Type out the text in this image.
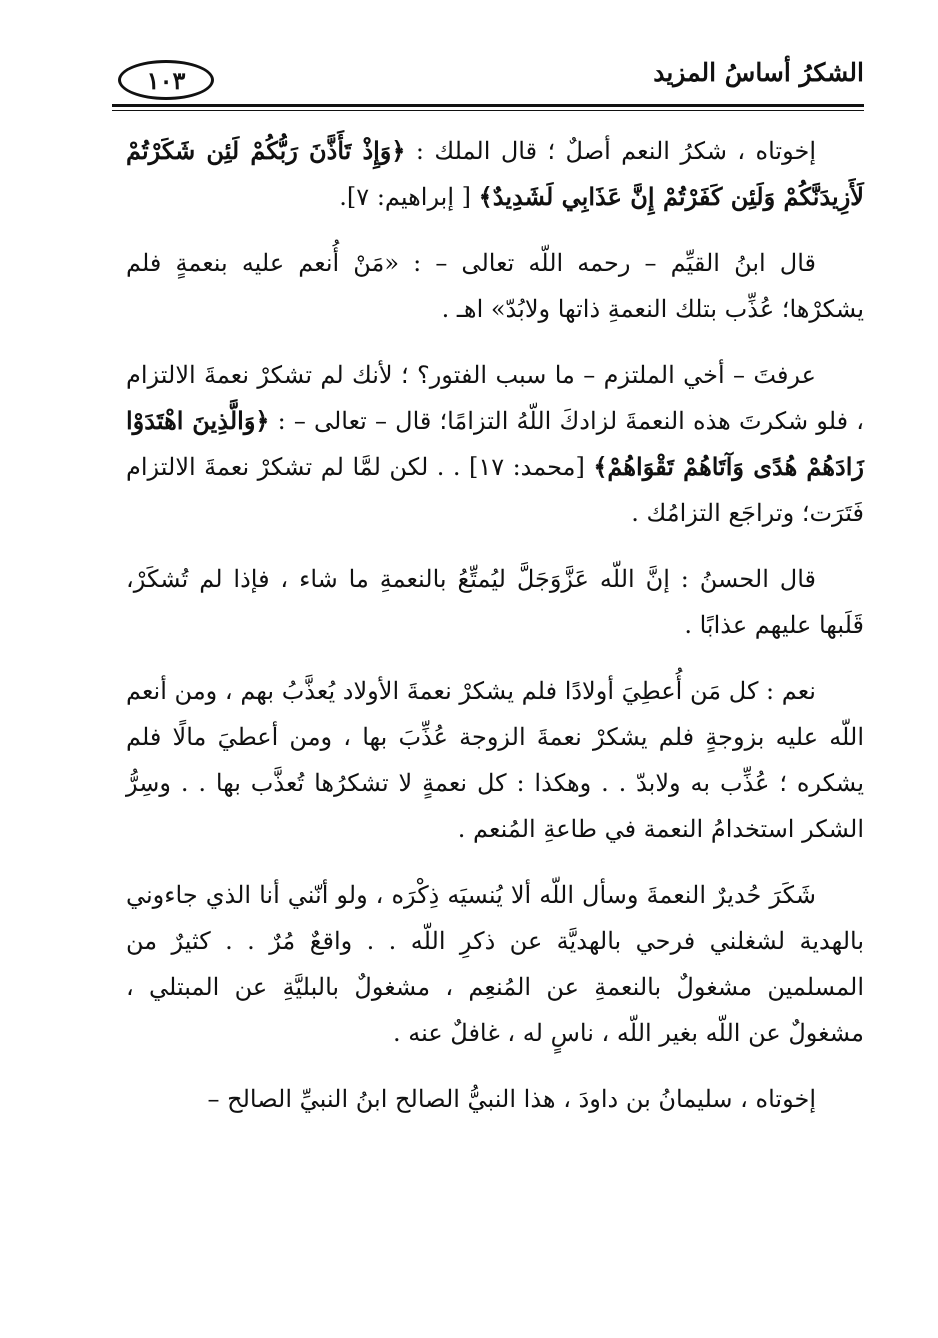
١٠٣	الشكرُ أساسُ المزيد

إخوتاه ، شكرُ النعم أصلٌ ؛ قال الملك : ﴿وَإِذْ تَأَذَّنَ رَبُّكُمْ لَئِن شَكَرْتُمْ لَأَزِيدَنَّكُمْ وَلَئِن كَفَرْتُمْ إِنَّ عَذَابِي لَشَدِيدٌ﴾ [ إبراهيم: ٧].

قال ابنُ القيِّم – رحمه اللّه تعالى – : «مَنْ أُنعم عليه بنعمةٍ فلم يشكرْها؛ عُذِّب بتلك النعمةِ ذاتها ولابُدّ» اهـ .

عرفتَ – أخي الملتزم – ما سبب الفتور؟ ؛ لأنك لم تشكرْ نعمةَ الالتزام ، فلو شكرتَ هذه النعمةَ لزادكَ اللّهُ التزامًا؛ قال – تعالى – : ﴿وَالَّذِينَ اهْتَدَوْا زَادَهُمْ هُدًى وَآتَاهُمْ تَقْوَاهُمْ﴾ [محمد: ١٧] . . لكن لمَّا لم تشكرْ نعمةَ الالتزام فَتَرَت؛ وتراجَع التزامُك .

قال الحسنُ : إنَّ اللّه عَزَّوَجَلَّ ليُمتِّعُ بالنعمةِ ما شاء ، فإذا لم تُشكَرْ، قَلَبها عليهم عذابًا .

نعم : كل مَن أُعطِيَ أولادًا فلم يشكرْ نعمةَ الأولاد يُعذَّبُ بهم ، ومن أنعم اللّه عليه بزوجةٍ فلم يشكرْ نعمةَ الزوجة عُذِّبَ بها ، ومن أعطيَ مالًا فلم يشكره ؛ عُذِّب به ولابدّ . . وهكذا : كل نعمةٍ لا تشكرُها تُعذَّب بها . . وسِرُّ الشكر استخدامُ النعمة في طاعةِ المُنعم .

شَكَرَ حُديرٌ النعمةَ وسأل اللّه ألا يُنسيَه ذِكْرَه ، ولو أنّني أنا الذي جاءوني بالهدية لشغلني فرحي بالهديَّة عن ذكرِ اللّه . . واقعٌ مُرٌ . . كثيرٌ من المسلمين مشغولٌ بالنعمةِ عن المُنعِم ، مشغولٌ بالبليَّةِ عن المبتلي ، مشغولٌ عن اللّه بغير اللّه ، ناسٍ له ، غافلٌ عنه .

إخوتاه ، سليمانُ بن داودَ ، هذا النبيُّ الصالح ابنُ النبيِّ الصالح –
